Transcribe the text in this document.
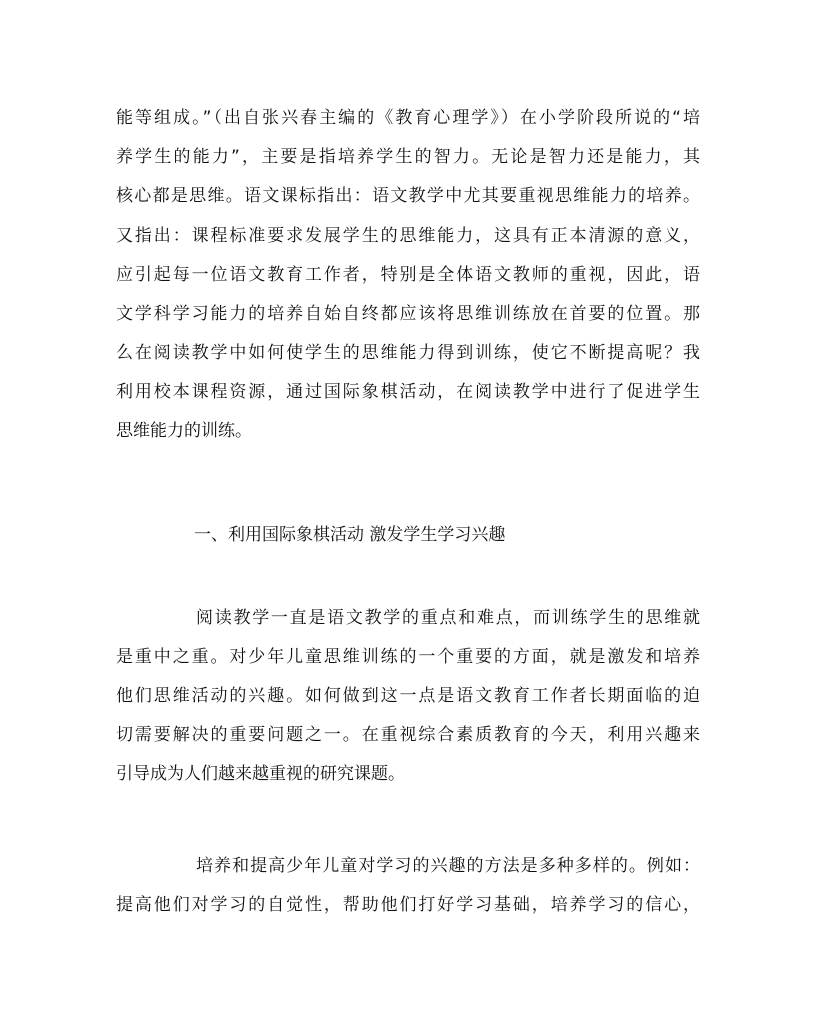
能等组成。”（出自张兴春主编的《教育心理学》）在小学阶段所说的“培
养学生的能力”，主要是指培养学生的智力。无论是智力还是能力，其
核心都是思维。语文课标指出：语文教学中尤其要重视思维能力的培养。
又指出：课程标准要求发展学生的思维能力，这具有正本清源的意义，
应引起每一位语文教育工作者，特别是全体语文教师的重视，因此，语
文学科学习能力的培养自始自终都应该将思维训练放在首要的位置。那
么在阅读教学中如何使学生的思维能力得到训练，使它不断提高呢？我
利用校本课程资源，通过国际象棋活动，在阅读教学中进行了促进学生
思维能力的训练。
一、利用国际象棋活动 激发学生学习兴趣
阅读教学一直是语文教学的重点和难点，而训练学生的思维就
是重中之重。对少年儿童思维训练的一个重要的方面，就是激发和培养
他们思维活动的兴趣。如何做到这一点是语文教育工作者长期面临的迫
切需要解决的重要问题之一。在重视综合素质教育的今天，利用兴趣来
引导成为人们越来越重视的研究课题。
培养和提高少年儿童对学习的兴趣的方法是多种多样的。例如：
提高他们对学习的自觉性，帮助他们打好学习基础，培养学习的信心，
